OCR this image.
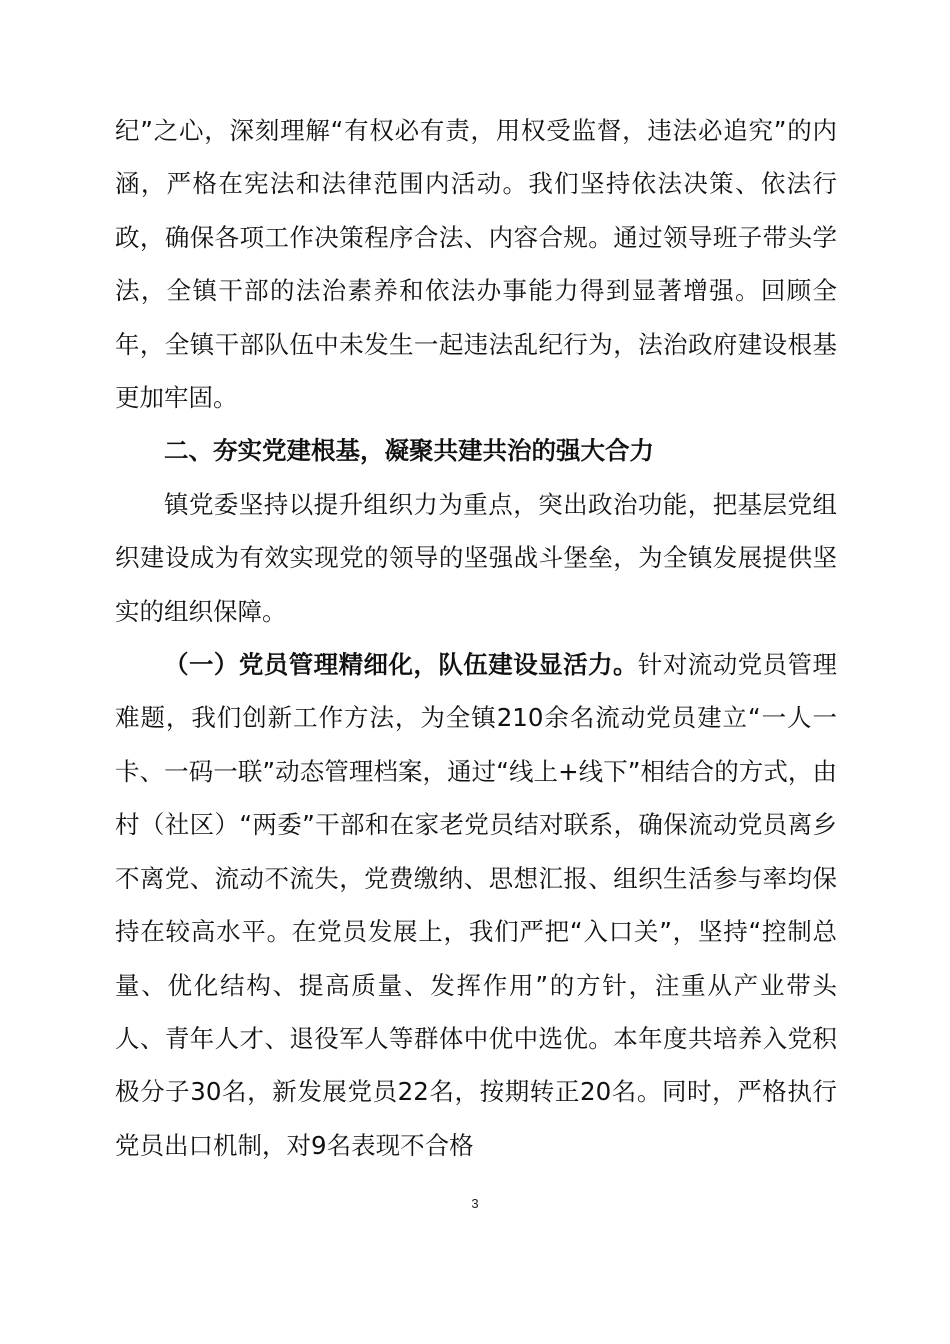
纪”之心，深刻理解“有权必有责，用权受监督，违法必追究”的内涵，严格在宪法和法律范围内活动。我们坚持依法决策、依法行政，确保各项工作决策程序合法、内容合规。通过领导班子带头学法，全镇干部的法治素养和依法办事能力得到显著增强。回顾全年，全镇干部队伍中未发生一起违法乱纪行为，法治政府建设根基更加牢固。

二、夯实党建根基，凝聚共建共治的强大合力

镇党委坚持以提升组织力为重点，突出政治功能，把基层党组织建设成为有效实现党的领导的坚强战斗堡垒，为全镇发展提供坚实的组织保障。

（一）党员管理精细化，队伍建设显活力。针对流动党员管理难题，我们创新工作方法，为全镇210余名流动党员建立“一人一卡、一码一联”动态管理档案，通过“线上+线下”相结合的方式，由村（社区）“两委”干部和在家老党员结对联系，确保流动党员离乡不离党、流动不流失，党费缴纳、思想汇报、组织生活参与率均保持在较高水平。在党员发展上，我们严把“入口关”，坚持“控制总量、优化结构、提高质量、发挥作用”的方针，注重从产业带头人、青年人才、退役军人等群体中优中选优。本年度共培养入党积极分子30名，新发展党员22名，按期转正20名。同时，严格执行党员出口机制，对9名表现不合格

3
